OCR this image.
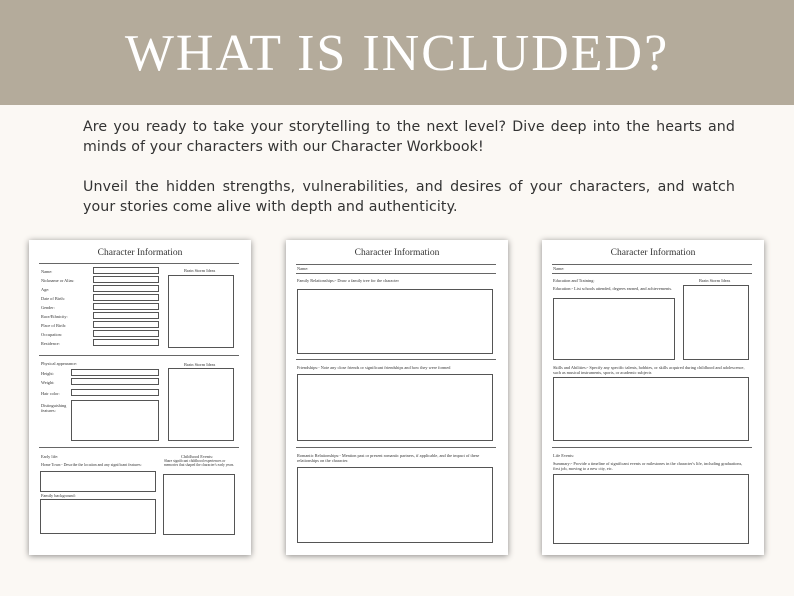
WHAT IS INCLUDED?

Are you ready to take your storytelling to the next level? Dive deep into the hearts and minds of your characters with our Character Workbook!

Unveil the hidden strengths, vulnerabilities, and desires of your characters, and watch your stories come alive with depth and authenticity.

Character Information
Name:
Nickname or Alias:
Age:
Date of Birth:
Gender:
Race/Ethnicity:
Place of Birth:
Occupation:
Residence:
Brain Storm Ideas
Physical appearance:
Height:
Weight:
Hair color:
Distinguishing features:
Brain Storm Ideas
Early life:
Home Town:- Describe the location and any significant features:
Family background:
Childhood Events:
Share significant childhood experiences or memories that shaped the character's early years.
Character Information
Name:
Family Relationships:- Draw a family tree for the character
Friendships:- Note any close friends or significant friendships and how they were formed
Romantic Relationships:- Mention past or present romantic partners, if applicable, and the impact of these relationships on the character.
Character Information
Name:
Education and Training:
Education:- List schools attended, degrees earned, and achievements.
Brain Storm Ideas
Skills and Abilities:- Specify any specific talents, hobbies, or skills acquired during childhood and adolescence, such as musical instruments, sports, or academic subjects
Life Events:
Summary:- Provide a timeline of significant events or milestones in the character's life, including graduations, first job, moving to a new city, etc.
